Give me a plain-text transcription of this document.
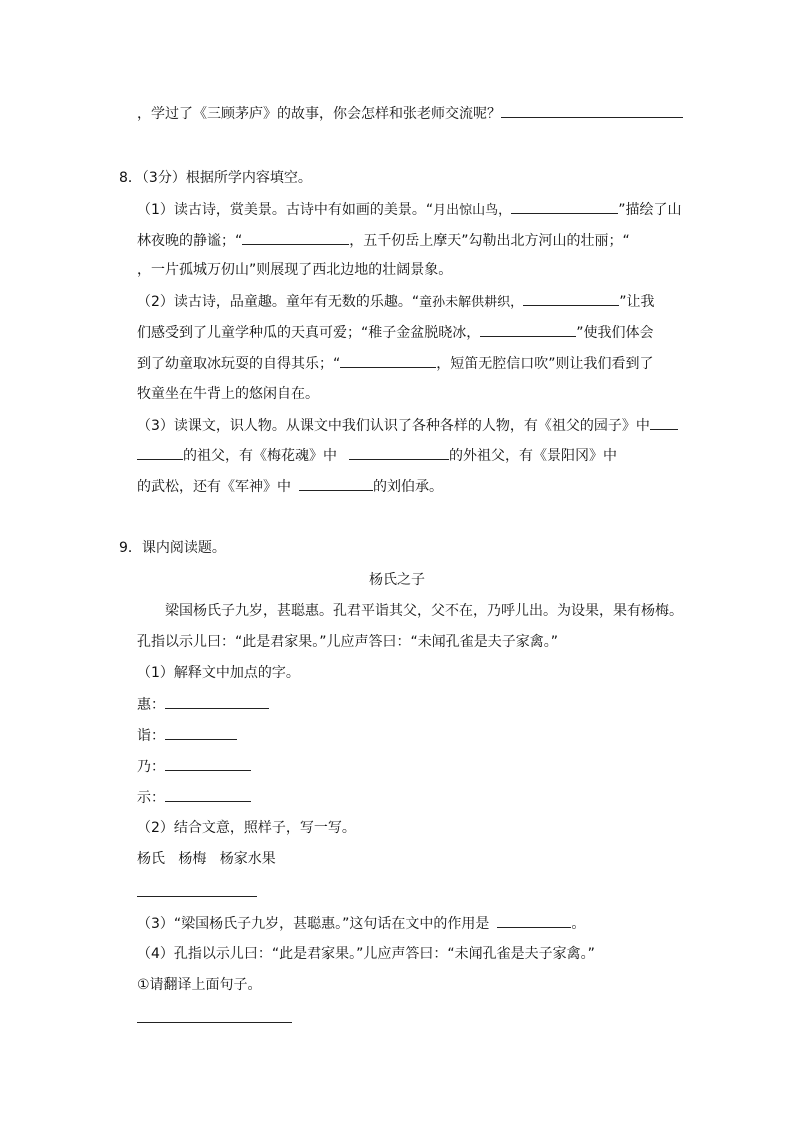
，学过了《三顾茅庐》的故事，你会怎样和张老师交流呢？
8．（3分）根据所学内容填空。
（1）读古诗，赏美景。古诗中有如画的美景。“月出惊山鸟，	”描绘了山
林夜晚的静谧；“	，五千仞岳上摩天”勾勒出北方河山的壮丽；“
，一片孤城万仞山”则展现了西北边地的壮阔景象。
（2）读古诗，品童趣。童年有无数的乐趣。“童孙未解供耕织，	”让我
们感受到了儿童学种瓜的天真可爱；“稚子金盆脱晓冰，	”使我们体会
到了幼童取冰玩耍的自得其乐；“	，短笛无腔信口吹”则让我们看到了
牧童坐在牛背上的悠闲自在。
（3）读课文，识人物。从课文中我们认识了各种各样的人物，有《祖父的园子》中
的祖父，有《梅花魂》中	的外祖父，有《景阳冈》中
的武松，还有《军神》中	的刘伯承。
9．课内阅读题。
杨氏之子
梁国杨氏子九岁，甚聪惠。孔君平诣其父，父不在，乃呼儿出。为设果，果有杨梅。
孔指以示儿曰：“此是君家果。”儿应声答曰：“未闻孔雀是夫子家禽。”
（1）解释文中加点的字。
惠：
诣：
乃：
示：
（2）结合文意，照样子，写一写。
杨氏   杨梅   杨家水果
（3）“梁国杨氏子九岁，甚聪惠。”这句话在文中的作用是	。
（4）孔指以示儿曰：“此是君家果。”儿应声答曰：“未闻孔雀是夫子家禽。”
①请翻译上面句子。
